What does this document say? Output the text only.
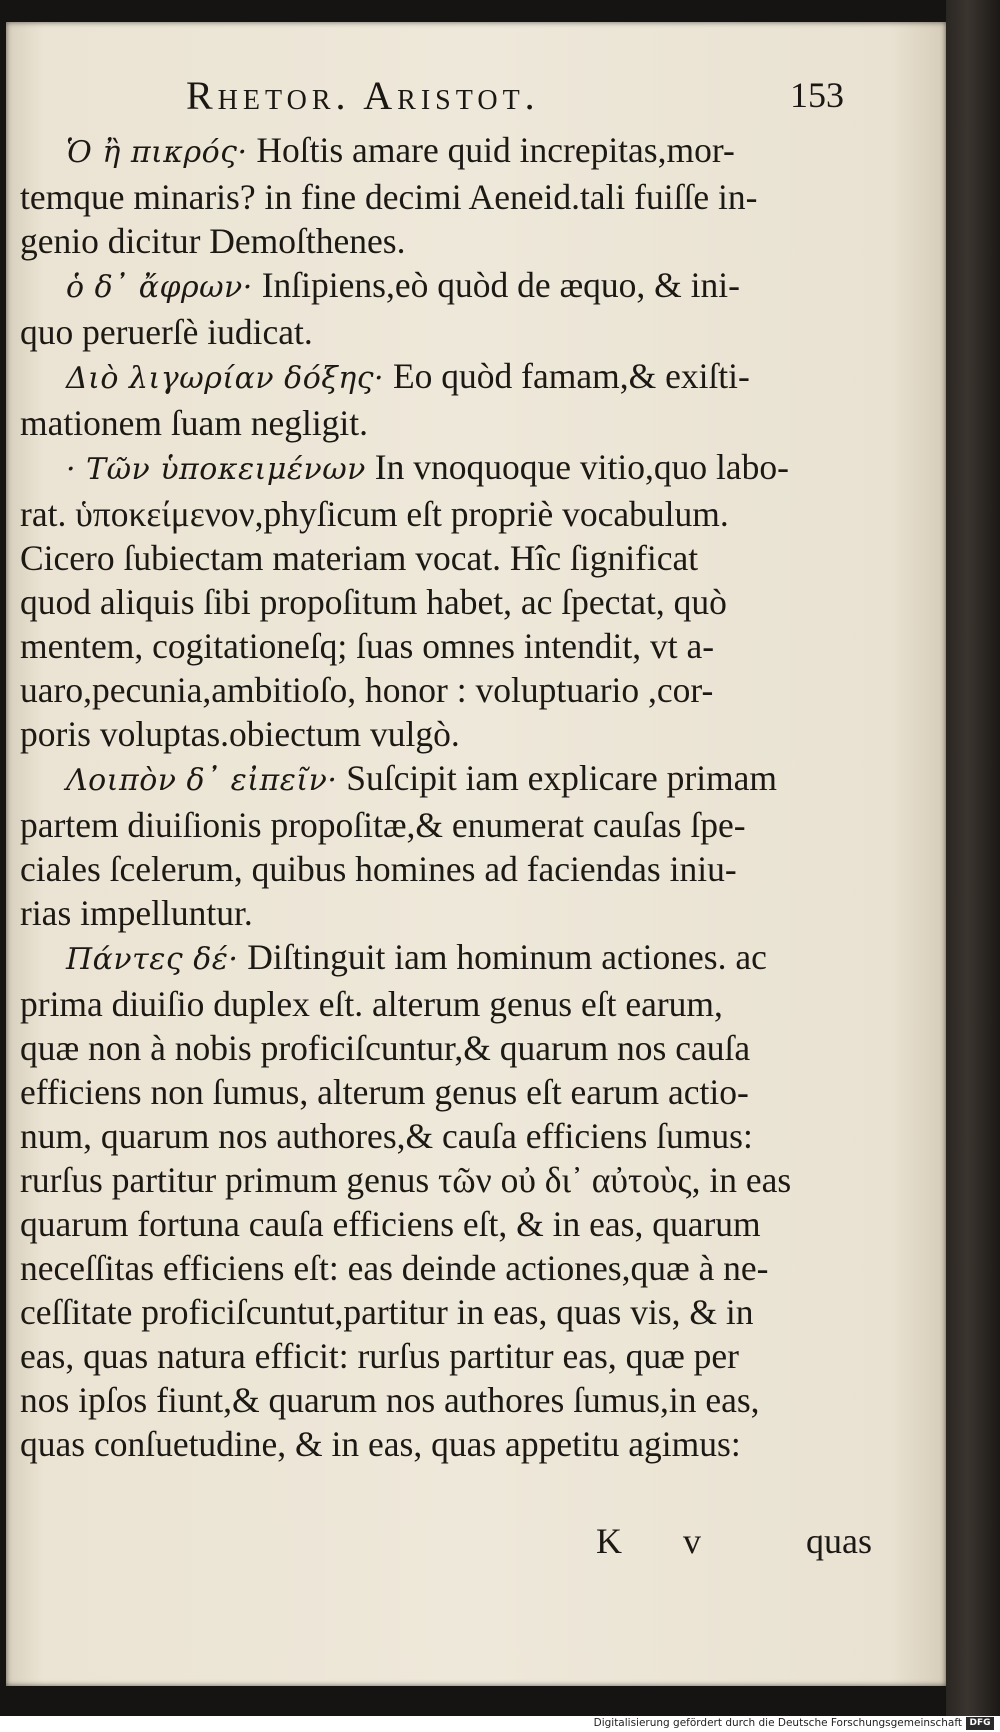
Rhetor. Aristot.	153
Ὁ ἢ πικρός· Hoſtis amare quid increpitas,mor-
temque minaris? in fine decimi Aeneid.tali fuiſſe in-
genio dicitur Demoſthenes.
ὁ δ᾽ ἄφρων· Inſipiens,eò quòd de æquo, & ini-
quo peruerſè iudicat.
Διὸ λιγωρίαν δόξης· Eo quòd famam,& exiſti-
mationem ſuam negligit.
· Τῶν ὑποκειμένων In vnoquoque vitio,quo labo-
rat. ὑποκείμενον,phyſicum eſt propriè vocabulum.
Cicero ſubiectam materiam vocat. Hîc ſignificat
quod aliquis ſibi propoſitum habet, ac ſpectat, quò
mentem, cogitationeſq; ſuas omnes intendit, vt a-
uaro,pecunia,ambitioſo, honor : voluptuario ,cor-
poris voluptas.obiectum vulgò.
Λοιπὸν δ᾽ εἰπεῖν· Suſcipit iam explicare primam
partem diuiſionis propoſitæ,& enumerat cauſas ſpe-
ciales ſcelerum, quibus homines ad faciendas iniu-
rias impelluntur.
Πάντες δέ· Diſtinguit iam hominum actiones. ac
prima diuiſio duplex eſt. alterum genus eſt earum,
quæ non à nobis proficiſcuntur,& quarum nos cauſa
efficiens non ſumus, alterum genus eſt earum actio-
num, quarum nos authores,& cauſa efficiens ſumus:
rurſus partitur primum genus τῶν οὐ δι᾽ αὐτοὺς, in eas
quarum fortuna cauſa efficiens eſt, & in eas, quarum
neceſſitas efficiens eſt: eas deinde actiones,quæ à ne-
ceſſitate proficiſcuntut,partitur in eas, quas vis, & in
eas, quas natura efficit: rurſus partitur eas, quæ per
nos ipſos fiunt,& quarum nos authores ſumus,in eas,
quas conſuetudine, & in eas, quas appetitu agimus:
K v quas
Digitalisierung gefördert durch die Deutsche Forschungsgemeinschaft DFG
